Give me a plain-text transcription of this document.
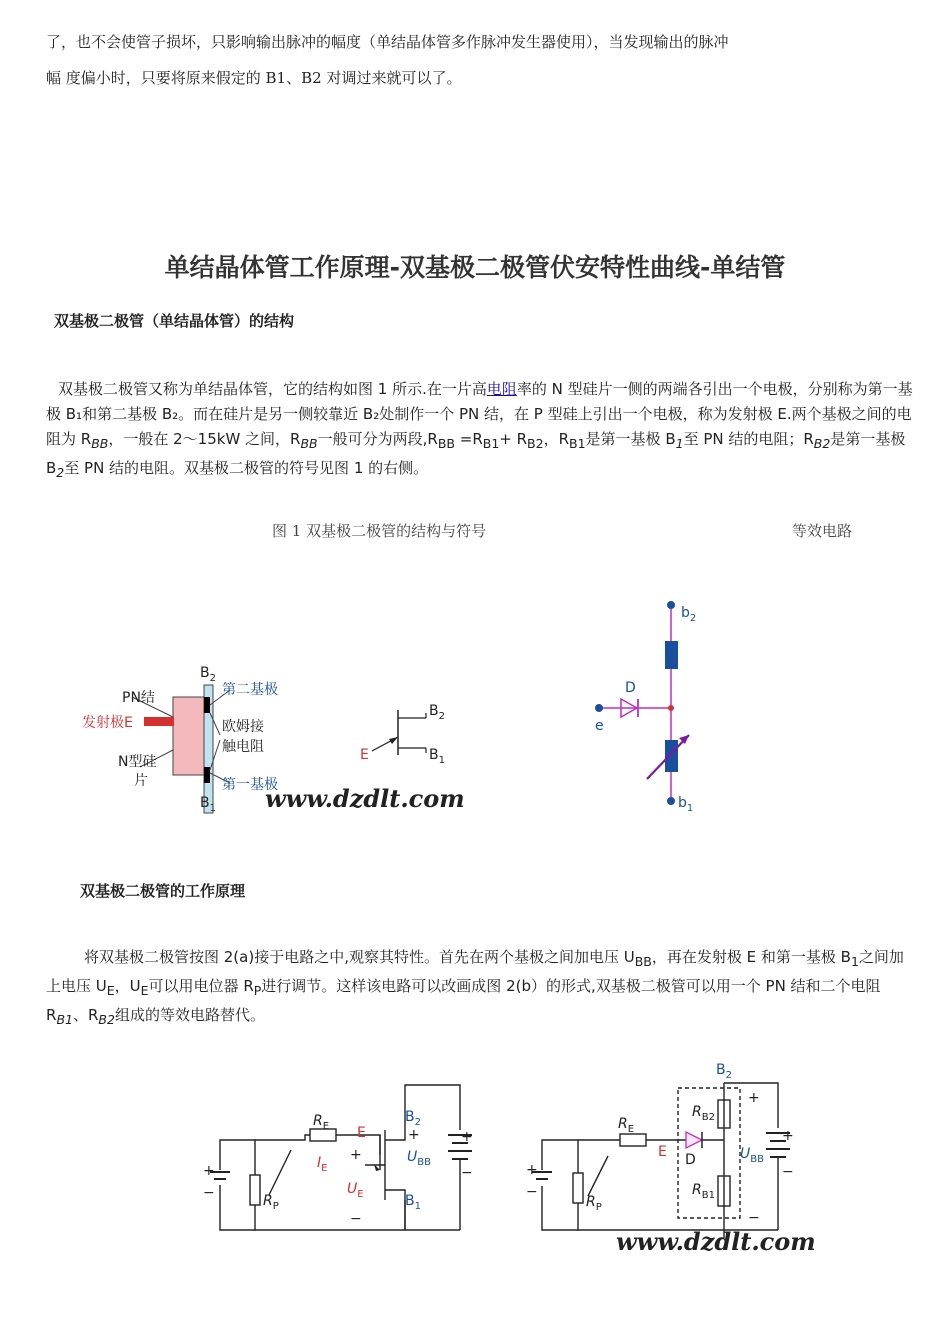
了，也不会使管子损坏，只影响输出脉冲的幅度（单结晶体管多作脉冲发生器使用），当发现输出的脉冲
幅 度偏小时，只要将原来假定的 B1、B2 对调过来就可以了。
单结晶体管工作原理-双基极二极管伏安特性曲线-单结管
双基极二极管（单结晶体管）的结构
双基极二极管又称为单结晶体管，它的结构如图 1 所示.在一片高电阻率的 N 型硅片一侧的两端各引出一个电极，分别称为第一基极 B₁和第二基极 B₂。而在硅片是另一侧较靠近 B₂处制作一个 PN 结，在 P 型硅上引出一个电极，称为发射极 E.两个基极之间的电阻为 $R_{BB}$，一般在 2～15kW 之间，$R_{BB}$一般可分为两段$,R_{BB} =R_{B1}+ R_{B2}$，$R_{B1}$是第一基极 $B_1$至 PN 结的电阻；$R_{B2}$是第一基极 $B_2$至 PN 结的电阻。双基极二极管的符号见图 1 的右侧。
图 1 双基极二极管的结构与符号	等效电路
PN结
发射极E
N型硅
片
$B_2$
$B_1$
第二基极
欧姆接
触电阻
第一基极
www.dzdlt.com
$B_2$
$B_1$
E
$b_2$
$b_1$
D
e
双基极二极管的工作原理
将双基极二极管按图 2(a)接于电路之中,观察其特性。首先在两个基极之间加电压 $U_{BB}$，再在发射极 E 和第一基极 $B_1$之间加上电压 $U_E$，$U_E$可以用电位器 $R_P$进行调节。这样该电路可以改画成图 2(b）的形式,双基极二极管可以用一个 PN 结和二个电阻 $R_{B1}$、$R_{B2}$组成的等效电路替代。
$R_E$ E
$I_E$
+
$U_E$
−
$R_P$
$B_2$
$B_1$
+
$U_{BB}$
+
−
+
−
$B_2$
+
$R_{B2}$
$R_{B1}$
$U_{BB}$
−
+
−
D
E
$R_E$
$R_P$
+
−
www.dzdlt.com
